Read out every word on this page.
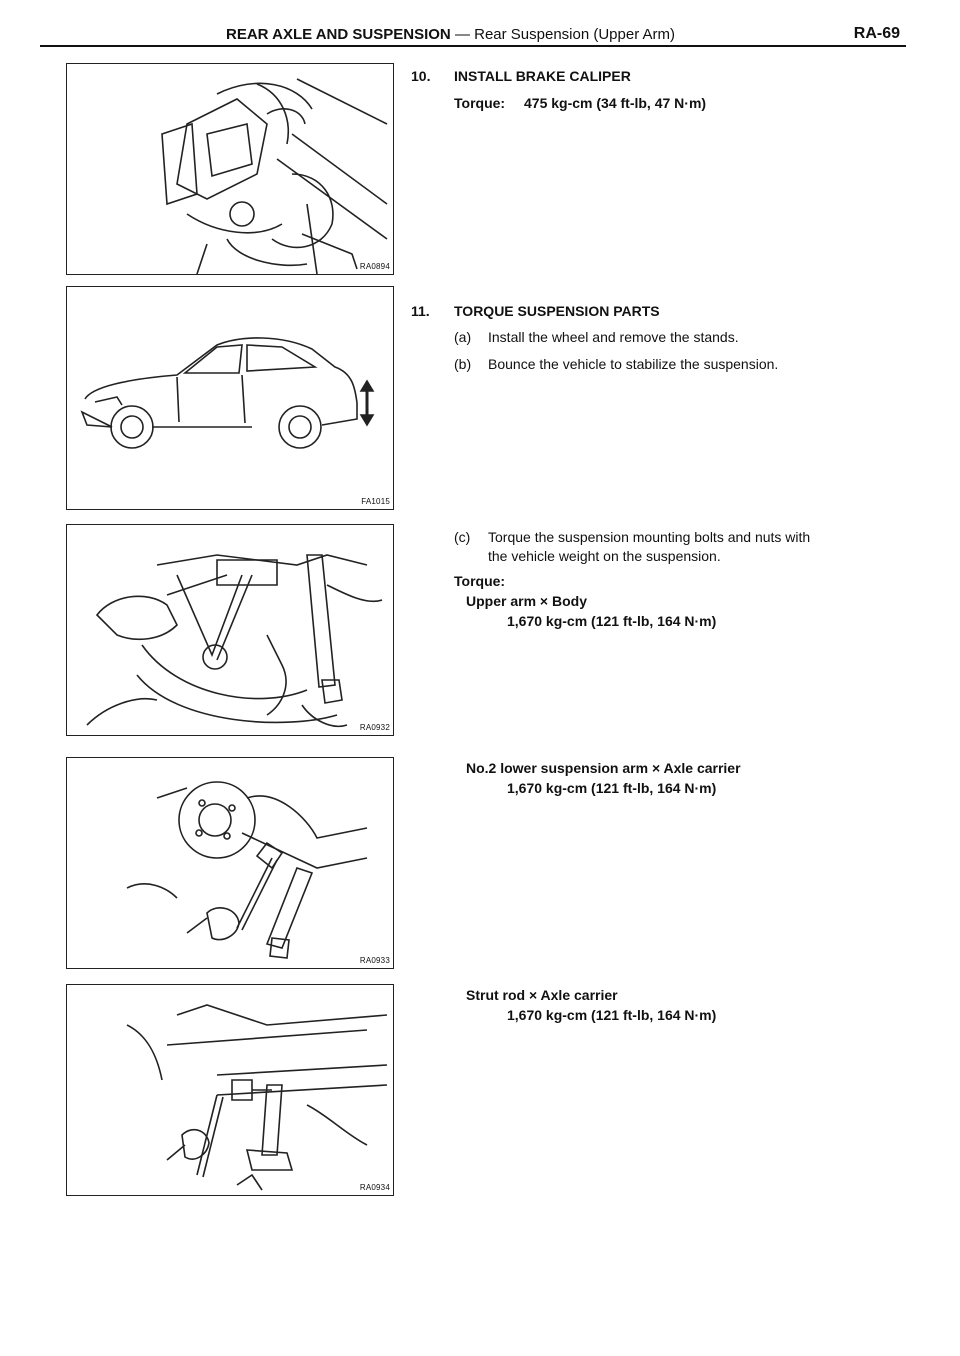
REAR AXLE AND SUSPENSION — Rear Suspension (Upper Arm)	RA-69
RA0894
FA1015
RA0932
RA0933
RA0934
10. INSTALL BRAKE CALIPER
Torque: 475 kg-cm (34 ft-lb, 47 N·m)
11. TORQUE SUSPENSION PARTS
(a) Install the wheel and remove the stands.
(b) Bounce the vehicle to stabilize the suspension.
(c) Torque the suspension mounting bolts and nuts with
the vehicle weight on the suspension.
Torque:
Upper arm × Body
1,670 kg-cm (121 ft-lb, 164 N·m)
No.2 lower suspension arm × Axle carrier
1,670 kg-cm (121 ft-lb, 164 N·m)
Strut rod × Axle carrier
1,670 kg-cm (121 ft-lb, 164 N·m)
